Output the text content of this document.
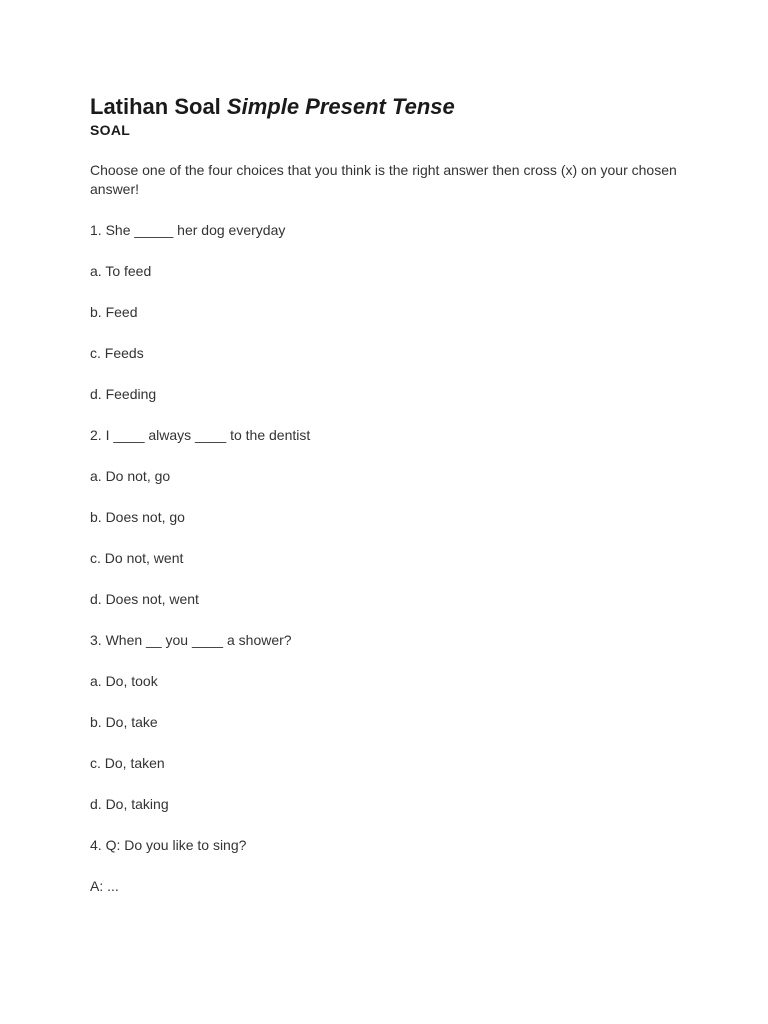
Latihan Soal Simple Present Tense
SOAL

Choose one of the four choices that you think is the right answer then cross (x) on your chosen answer!

1. She _____ her dog everyday

a. To feed

b. Feed

c. Feeds

d. Feeding

2. I ____ always ____ to the dentist

a. Do not, go

b. Does not, go

c. Do not, went

d. Does not, went

3. When __ you ____ a shower?

a. Do, took

b. Do, take

c. Do, taken

d. Do, taking

4. Q: Do you like to sing?

A: ...
